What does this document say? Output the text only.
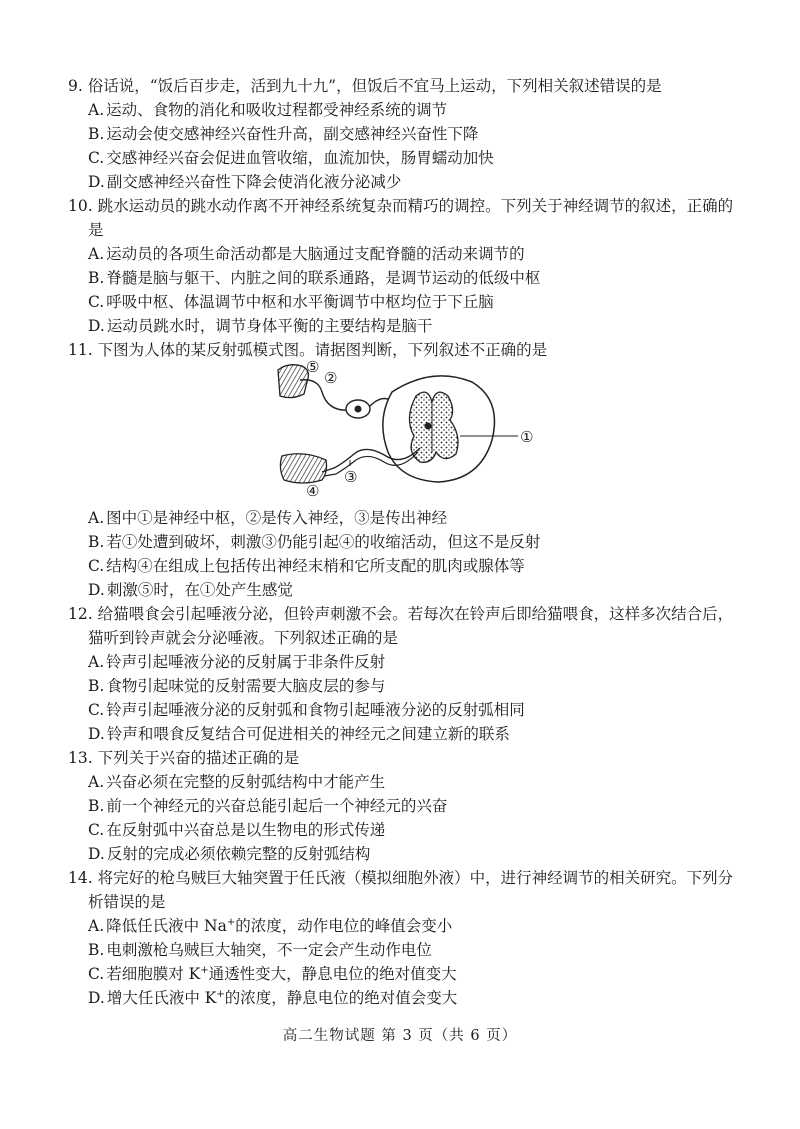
9. 俗话说，“饭后百步走，活到九十九”，但饭后不宜马上运动，下列相关叙述错误的是
A. 运动、食物的消化和吸收过程都受神经系统的调节
B. 运动会使交感神经兴奋性升高，副交感神经兴奋性下降
C. 交感神经兴奋会促进血管收缩，血流加快，肠胃蠕动加快
D. 副交感神经兴奋性下降会使消化液分泌减少
10. 跳水运动员的跳水动作离不开神经系统复杂而精巧的调控。下列关于神经调节的叙述，正确的
是
A. 运动员的各项生命活动都是大脑通过支配脊髓的活动来调节的
B. 脊髓是脑与躯干、内脏之间的联系通路，是调节运动的低级中枢
C. 呼吸中枢、体温调节中枢和水平衡调节中枢均位于下丘脑
D. 运动员跳水时，调节身体平衡的主要结构是脑干
11. 下图为人体的某反射弧模式图。请据图判断，下列叙述不正确的是
⑤
②
①
③
④
A. 图中①是神经中枢，②是传入神经，③是传出神经
B. 若①处遭到破坏，刺激③仍能引起④的收缩活动，但这不是反射
C. 结构④在组成上包括传出神经末梢和它所支配的肌肉或腺体等
D. 刺激⑤时，在①处产生感觉
12. 给猫喂食会引起唾液分泌，但铃声刺激不会。若每次在铃声后即给猫喂食，这样多次结合后，
猫听到铃声就会分泌唾液。下列叙述正确的是
A. 铃声引起唾液分泌的反射属于非条件反射
B. 食物引起味觉的反射需要大脑皮层的参与
C. 铃声引起唾液分泌的反射弧和食物引起唾液分泌的反射弧相同
D. 铃声和喂食反复结合可促进相关的神经元之间建立新的联系
13. 下列关于兴奋的描述正确的是
A. 兴奋必须在完整的反射弧结构中才能产生
B. 前一个神经元的兴奋总能引起后一个神经元的兴奋
C. 在反射弧中兴奋总是以生物电的形式传递
D. 反射的完成必须依赖完整的反射弧结构
14. 将完好的枪乌贼巨大轴突置于任氏液（模拟细胞外液）中，进行神经调节的相关研究。下列分
析错误的是
A. 降低任氏液中 Na+的浓度，动作电位的峰值会变小
B. 电刺激枪乌贼巨大轴突，不一定会产生动作电位
C. 若细胞膜对 K+通透性变大，静息电位的绝对值变大
D. 增大任氏液中 K+的浓度，静息电位的绝对值会变大
高二生物试题 第 3 页（共 6 页）
